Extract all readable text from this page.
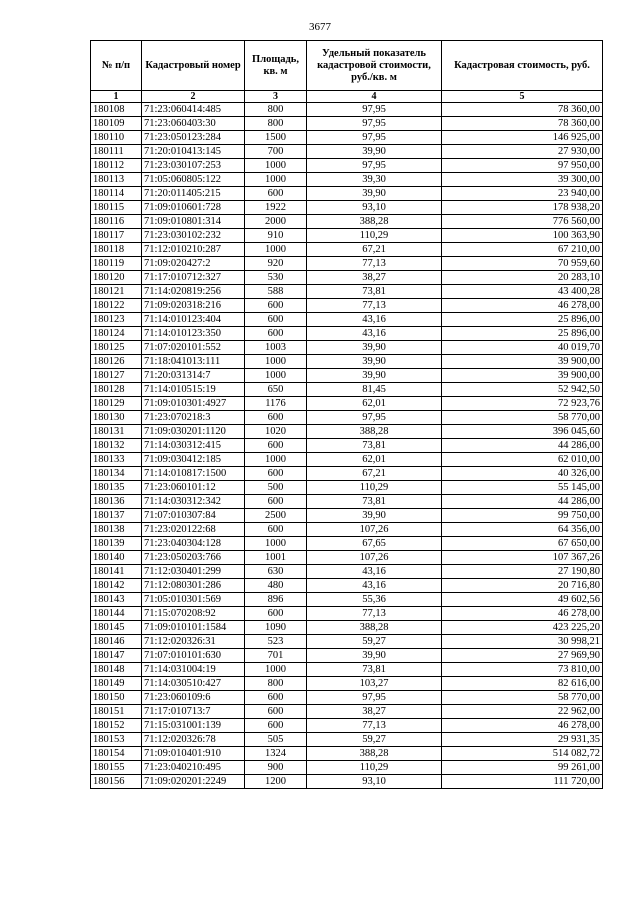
3677
№ п/п	Кадастровый номер	Площадь, кв. м	Удельный показатель кадастровой стоимости, руб./кв. м	Кадастровая стоимость, руб.
1	2	3	4	5
180108	71:23:060414:485	800	97,95	78 360,00
180109	71:23:060403:30	800	97,95	78 360,00
180110	71:23:050123:284	1500	97,95	146 925,00
180111	71:20:010413:145	700	39,90	27 930,00
180112	71:23:030107:253	1000	97,95	97 950,00
180113	71:05:060805:122	1000	39,30	39 300,00
180114	71:20:011405:215	600	39,90	23 940,00
180115	71:09:010601:728	1922	93,10	178 938,20
180116	71:09:010801:314	2000	388,28	776 560,00
180117	71:23:030102:232	910	110,29	100 363,90
180118	71:12:010210:287	1000	67,21	67 210,00
180119	71:09:020427:2	920	77,13	70 959,60
180120	71:17:010712:327	530	38,27	20 283,10
180121	71:14:020819:256	588	73,81	43 400,28
180122	71:09:020318:216	600	77,13	46 278,00
180123	71:14:010123:404	600	43,16	25 896,00
180124	71:14:010123:350	600	43,16	25 896,00
180125	71:07:020101:552	1003	39,90	40 019,70
180126	71:18:041013:111	1000	39,90	39 900,00
180127	71:20:031314:7	1000	39,90	39 900,00
180128	71:14:010515:19	650	81,45	52 942,50
180129	71:09:010301:4927	1176	62,01	72 923,76
180130	71:23:070218:3	600	97,95	58 770,00
180131	71:09:030201:1120	1020	388,28	396 045,60
180132	71:14:030312:415	600	73,81	44 286,00
180133	71:09:030412:185	1000	62,01	62 010,00
180134	71:14:010817:1500	600	67,21	40 326,00
180135	71:23:060101:12	500	110,29	55 145,00
180136	71:14:030312:342	600	73,81	44 286,00
180137	71:07:010307:84	2500	39,90	99 750,00
180138	71:23:020122:68	600	107,26	64 356,00
180139	71:23:040304:128	1000	67,65	67 650,00
180140	71:23:050203:766	1001	107,26	107 367,26
180141	71:12:030401:299	630	43,16	27 190,80
180142	71:12:080301:286	480	43,16	20 716,80
180143	71:05:010301:569	896	55,36	49 602,56
180144	71:15:070208:92	600	77,13	46 278,00
180145	71:09:010101:1584	1090	388,28	423 225,20
180146	71:12:020326:31	523	59,27	30 998,21
180147	71:07:010101:630	701	39,90	27 969,90
180148	71:14:031004:19	1000	73,81	73 810,00
180149	71:14:030510:427	800	103,27	82 616,00
180150	71:23:060109:6	600	97,95	58 770,00
180151	71:17:010713:7	600	38,27	22 962,00
180152	71:15:031001:139	600	77,13	46 278,00
180153	71:12:020326:78	505	59,27	29 931,35
180154	71:09:010401:910	1324	388,28	514 082,72
180155	71:23:040210:495	900	110,29	99 261,00
180156	71:09:020201:2249	1200	93,10	111 720,00
